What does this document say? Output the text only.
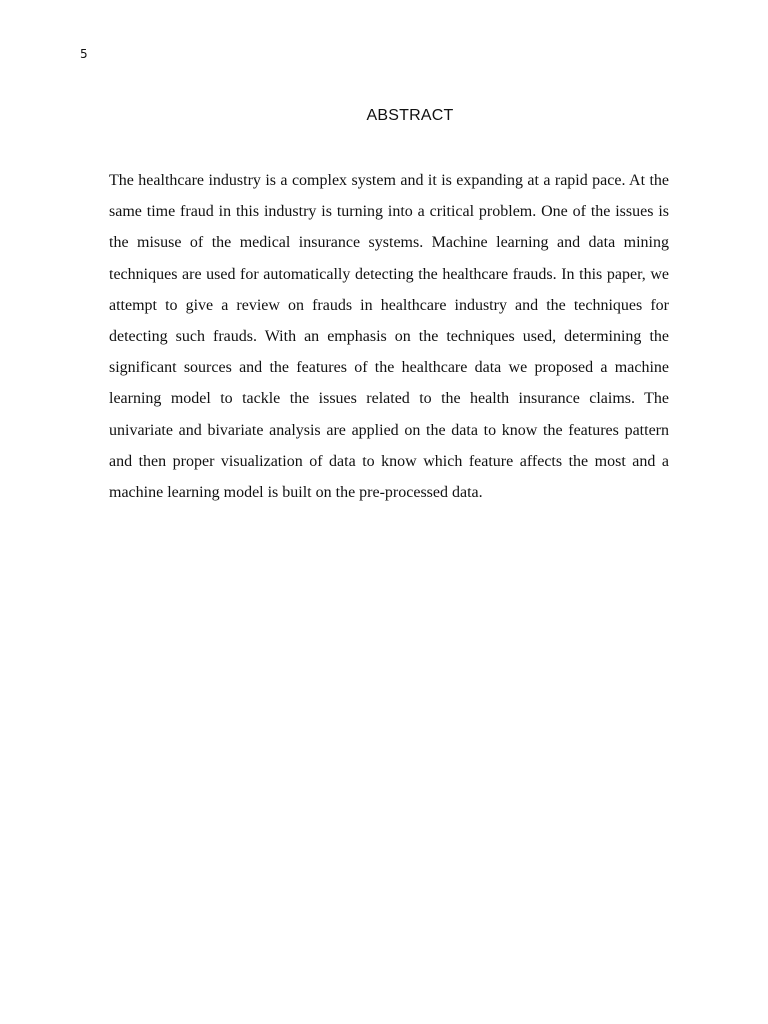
5
ABSTRACT

The healthcare industry is a complex system and it is expanding at a rapid pace. At the same time fraud in this industry is turning into a critical problem. One of the issues is the misuse of the medical insurance systems. Machine learning and data mining techniques are used for automatically detecting the healthcare frauds. In this paper, we attempt to give a review on frauds in healthcare industry and the techniques for detecting such frauds. With an emphasis on the techniques used, determining the significant sources and the features of the healthcare data we proposed a machine learning model to tackle the issues related to the health insurance claims. The univariate and bivariate analysis are applied on the data to know the features pattern and then proper visualization of data to know which feature affects the most and a machine learning model is built on the pre-processed data.
